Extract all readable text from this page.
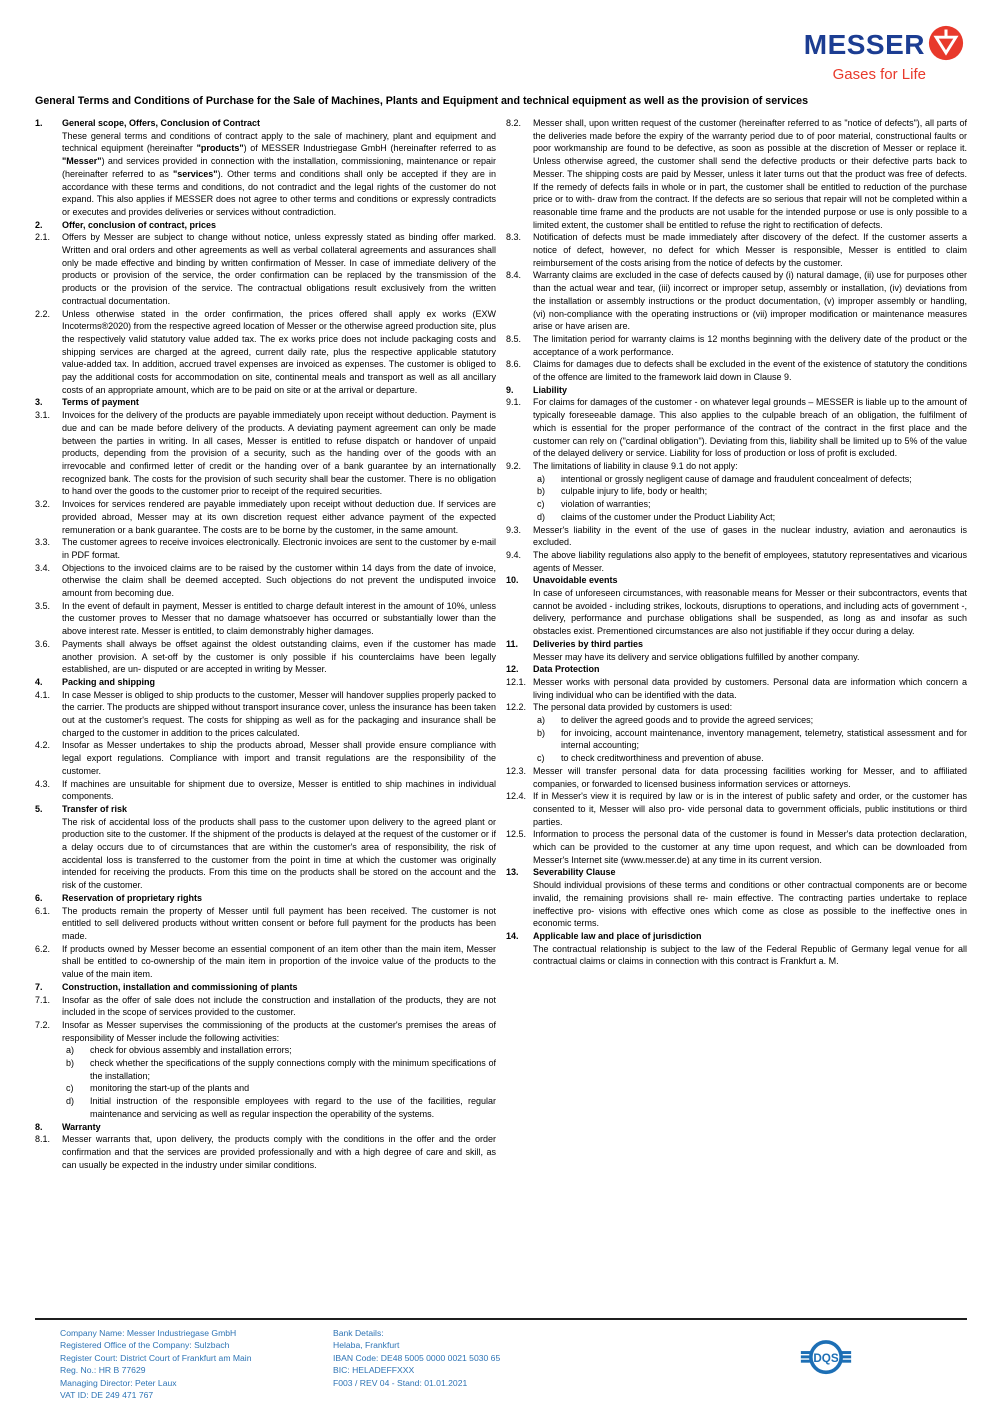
MESSER
Gases for Life
General Terms and Conditions of Purchase for the Sale of Machines, Plants and Equipment and technical equipment as well as the provision of services
1.	General scope, Offers, Conclusion of Contract
These general terms and conditions of contract apply to the sale of machinery, plant and equipment and technical equipment (hereinafter "products") of MESSER Industriegase GmbH (hereinafter referred to as "Messer") and services provided in connection with the installation, commissioning, maintenance or repair (hereinafter referred to as "services"). Other terms and conditions shall only be accepted if they are in accordance with these terms and conditions, do not contradict and the legal rights of the customer do not expand. This also applies if MESSER does not agree to other terms and conditions or expressly contradicts or executes and provides deliveries or services without contradiction.
2.	Offer, conclusion of contract, prices
2.1.	Offers by Messer are subject to change without notice, unless expressly stated as binding offer marked. Written and oral orders and other agreements as well as verbal collateral agreements and assurances shall only be made effective and binding by written confirmation of Messer. In case of immediate delivery of the products or provision of the service, the order confirmation can be replaced by the transmission of the products or the provision of the service. The contractual obligations result exclusively from the written contractual documentation.
2.2.	Unless otherwise stated in the order confirmation, the prices offered shall apply ex works (EXW Incoterms®2020) from the respective agreed location of Messer or the otherwise agreed production site, plus the respectively valid statutory value added tax. The ex works price does not include packaging costs and shipping services are charged at the agreed, current daily rate, plus the respective applicable statutory value-added tax. In addition, accrued travel expenses are invoiced as expenses. The customer is obliged to pay the additional costs for accommodation on site, continental meals and transport as well as all ancillary costs of an appropriate amount, which are to be paid on site or at the arrival or departure.
3.	Terms of payment
3.1.	Invoices for the delivery of the products are payable immediately upon receipt without deduction. Payment is due and can be made before delivery of the products. A deviating payment agreement can only be made between the parties in writing. In all cases, Messer is entitled to refuse dispatch or handover of unpaid products, depending from the provision of a security, such as the handing over of the goods with an irrevocable and confirmed letter of credit or the handing over of a bank guarantee by an internationally recognized bank. The costs for the provision of such security shall bear the customer. There is no obligation to hand over the goods to the customer prior to receipt of the required securities.
3.2.	Invoices for services rendered are payable immediately upon receipt without deduction due. If services are provided abroad, Messer may at its own discretion request either advance payment of the expected remuneration or a bank guarantee. The costs are to be borne by the customer, in the same amount.
3.3.	The customer agrees to receive invoices electronically. Electronic invoices are sent to the customer by e-mail in PDF format.
3.4.	Objections to the invoiced claims are to be raised by the customer within 14 days from the date of invoice, otherwise the claim shall be deemed accepted. Such objections do not prevent the undisputed invoice amount from becoming due.
3.5.	In the event of default in payment, Messer is entitled to charge default interest in the amount of 10%, unless the customer proves to Messer that no damage whatsoever has occurred or substantially lower than the above interest rate. Messer is entitled, to claim demonstrably higher damages.
3.6.	Payments shall always be offset against the oldest outstanding claims, even if the customer has made another provision. A set-off by the customer is only possible if his counterclaims have been legally established, are un- disputed or are accepted in writing by Messer.
4.	Packing and shipping
4.1.	In case Messer is obliged to ship products to the customer, Messer will handover supplies properly packed to the carrier. The products are shipped without transport insurance cover, unless the insurance has been taken out at the customer's request. The costs for shipping as well as for the packaging and insurance shall be charged to the customer in addition to the prices calculated.
4.2.	Insofar as Messer undertakes to ship the products abroad, Messer shall provide ensure compliance with legal export regulations. Compliance with import and transit regulations are the responsibility of the customer.
4.3.	If machines are unsuitable for shipment due to oversize, Messer is entitled to ship machines in individual components.
5.	Transfer of risk
The risk of accidental loss of the products shall pass to the customer upon delivery to the agreed plant or production site to the customer. If the shipment of the products is delayed at the request of the customer or if a delay occurs due to of circumstances that are within the customer's area of responsibility, the risk of accidental loss is transferred to the customer from the point in time at which the customer was originally intended for receiving the products. From this time on the products shall be stored on the account and the risk of the customer.
6.	Reservation of proprietary rights
6.1.	The products remain the property of Messer until full payment has been received. The customer is not entitled to sell delivered products without written consent or before full payment for the products has been made.
6.2.	If products owned by Messer become an essential component of an item other than the main item, Messer shall be entitled to co-ownership of the main item in proportion of the invoice value of the products to the value of the main item.
7.	Construction, installation and commissioning of plants
7.1.	Insofar as the offer of sale does not include the construction and installation of the products, they are not included in the scope of services provided to the customer.
7.2.	Insofar as Messer supervises the commissioning of the products at the customer's premises the areas of responsibility of Messer include the following activities:
a)	check for obvious assembly and installation errors;
b)	check whether the specifications of the supply connections comply with the minimum specifications of the installation;
c)	monitoring the start-up of the plants and
d)	Initial instruction of the responsible employees with regard to the use of the facilities, regular maintenance and servicing as well as regular inspection the operability of the systems.
8.	Warranty
8.1.	Messer warrants that, upon delivery, the products comply with the conditions in the offer and the order confirmation and that the services are provided professionally and with a high degree of care and skill, as can usually be expected in the industry under similar conditions.
8.2.	Messer shall, upon written request of the customer (hereinafter referred to as "notice of defects"), all parts of the deliveries made before the expiry of the warranty period due to of poor material, constructional faults or poor workmanship are found to be defective, as soon as possible at the discretion of Messer or replace it. Unless otherwise agreed, the customer shall send the defective products or their defective parts back to Messer. The shipping costs are paid by Messer, unless it later turns out that the product was free of defects. If the remedy of defects fails in whole or in part, the customer shall be entitled to reduction of the purchase price or to with- draw from the contract. If the defects are so serious that repair will not be completed within a reasonable time frame and the products are not usable for the intended purpose or use is only possible to a limited extent, the customer shall be entitled to refuse the right to rectification of defects.
8.3.	Notification of defects must be made immediately after discovery of the defect. If the customer asserts a notice of defect, however, no defect for which Messer is responsible, Messer is entitled to claim reimbursement of the costs arising from the notice of defects by the customer.
8.4.	Warranty claims are excluded in the case of defects caused by (i) natural damage, (ii) use for purposes other than the actual wear and tear, (iii) incorrect or improper setup, assembly or installation, (iv) deviations from the installation or assembly instructions or the product documentation, (v) improper assembly or handling, (vi) non-compliance with the operating instructions or (vii) improper modification or maintenance measures arise or have arisen are.
8.5.	The limitation period for warranty claims is 12 months beginning with the delivery date of the product or the acceptance of a work performance.
8.6.	Claims for damages due to defects shall be excluded in the event of the existence of statutory the conditions of the offence are limited to the framework laid down in Clause 9.
9.	Liability
9.1.	For claims for damages of the customer - on whatever legal grounds – MESSER is liable up to the amount of typically foreseeable damage. This also applies to the culpable breach of an obligation, the fulfilment of which is essential for the proper performance of the contract of the contract in the first place and the customer can rely on ("cardinal obligation"). Deviating from this, liability shall be limited up to 5% of the value of the delayed delivery or service. Liability for loss of production or loss of profit is excluded.
9.2.	The limitations of liability in clause 9.1 do not apply:
a)	intentional or grossly negligent cause of damage and fraudulent concealment of defects;
b)	culpable injury to life, body or health;
c)	violation of warranties;
d)	claims of the customer under the Product Liability Act;
9.3.	Messer's liability in the event of the use of gases in the nuclear industry, aviation and aeronautics is excluded.
9.4.	The above liability regulations also apply to the benefit of employees, statutory representatives and vicarious agents of Messer.
10.	Unavoidable events
In case of unforeseen circumstances, with reasonable means for Messer or their subcontractors, events that cannot be avoided - including strikes, lockouts, disruptions to operations, and including acts of government -, delivery, performance and purchase obligations shall be suspended, as long as and insofar as such obstacles exist. Prementioned circumstances are also not justifiable if they occur during a delay.
11.	Deliveries by third parties
Messer may have its delivery and service obligations fulfilled by another company.
12.	Data Protection
12.1. Messer works with personal data provided by customers. Personal data are information which concern a living individual who can be identified with the data.
12.2. The personal data provided by customers is used:
a)	to deliver the agreed goods and to provide the agreed services;
b)	for invoicing, account maintenance, inventory management, telemetry, statistical assessment and for internal accounting;
c)	to check creditworthiness and prevention of abuse.
12.3. Messer will transfer personal data for data processing facilities working for Messer, and to affiliated companies, or forwarded to licensed business information services or attorneys.
12.4. If in Messer's view it is required by law or is in the interest of public safety and order, or the customer has consented to it, Messer will also pro- vide personal data to government officials, public institutions or third parties.
12.5. Information to process the personal data of the customer is found in Messer's data protection declaration, which can be provided to the customer at any time upon request, and which can be downloaded from Messer's Internet site (www.messer.de) at any time in its current version.
13.	Severability Clause
Should individual provisions of these terms and conditions or other contractual components are or become invalid, the remaining provisions shall re- main effective. The contracting parties undertake to replace ineffective pro- visions with effective ones which come as close as possible to the ineffective ones in economic terms.
14.	Applicable law and place of jurisdiction
The contractual relationship is subject to the law of the Federal Republic of Germany legal venue for all contractual claims or claims in connection with this contract is Frankfurt a. M.
Company Name: Messer Industriegase GmbH
Registered Office of the Company: Sulzbach
Register Court: District Court of Frankfurt am Main
Reg. No.: HR B 77629
Managing Director: Peter Laux
VAT ID: DE 249 471 767
Bank Details:
Helaba, Frankfurt
IBAN Code: DE48 5005 0000 0021 5030 65
BIC: HELADEFFXXX
F003 / REV 04 - Stand: 01.01.2021
DQS
